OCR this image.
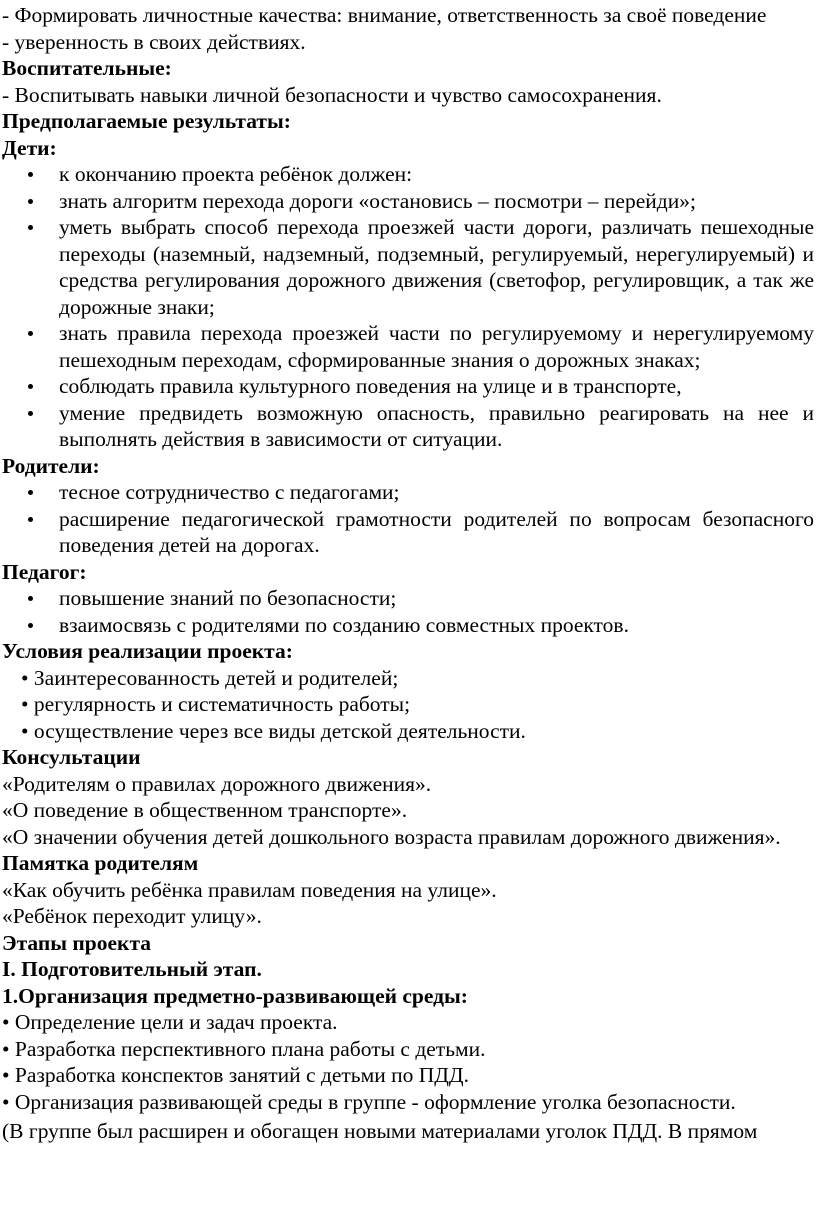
- Формировать личностные качества: внимание, ответственность за своё поведение

- уверенность в своих действиях.

Воспитательные:

- Воспитывать навыки личной безопасности и чувство самосохранения.

Предполагаемые результаты:

Дети:

к окончанию проекта ребёнок должен:
знать алгоритм перехода дороги «остановись – посмотри – перейди»;
уметь выбрать способ перехода проезжей части дороги, различать пешеходные переходы (наземный, надземный, подземный, регулируемый, нерегулируемый) и средства регулирования дорожного движения (светофор, регулировщик, а так же дорожные знаки;
знать правила перехода проезжей части по регулируемому и нерегулируемому пешеходным переходам, сформированные знания о дорожных знаках;
соблюдать правила культурного поведения на улице и в транспорте,
умение предвидеть возможную опасность, правильно реагировать на нее и выполнять действия в зависимости от ситуации.

Родители:

тесное сотрудничество с педагогами;
расширение педагогической грамотности родителей по вопросам безопасного поведения детей на дорогах.

Педагог:

повышение знаний по безопасности;
взаимосвязь с родителями по созданию совместных проектов.

Условия реализации проекта:

• Заинтересованность детей и родителей;
• регулярность и систематичность работы;
• осуществление через все виды детской деятельности.

Консультации

«Родителям о правилах дорожного движения».

«О поведение в общественном транспорте».

«О значении обучения детей дошкольного возраста правилам дорожного движения».

Памятка родителям

«Как обучить ребёнка правилам поведения на улице».

«Ребёнок переходит улицу».

Этапы проекта

I. Подготовительный этап.

1.Организация предметно-развивающей среды:

• Определение цели и задач проекта.

• Разработка перспективного плана работы с детьми.

• Разработка конспектов занятий с детьми по ПДД.

• Организация развивающей среды в группе - оформление уголка безопасности.

(В группе был расширен и обогащен новыми материалами уголок ПДД. В прямом
